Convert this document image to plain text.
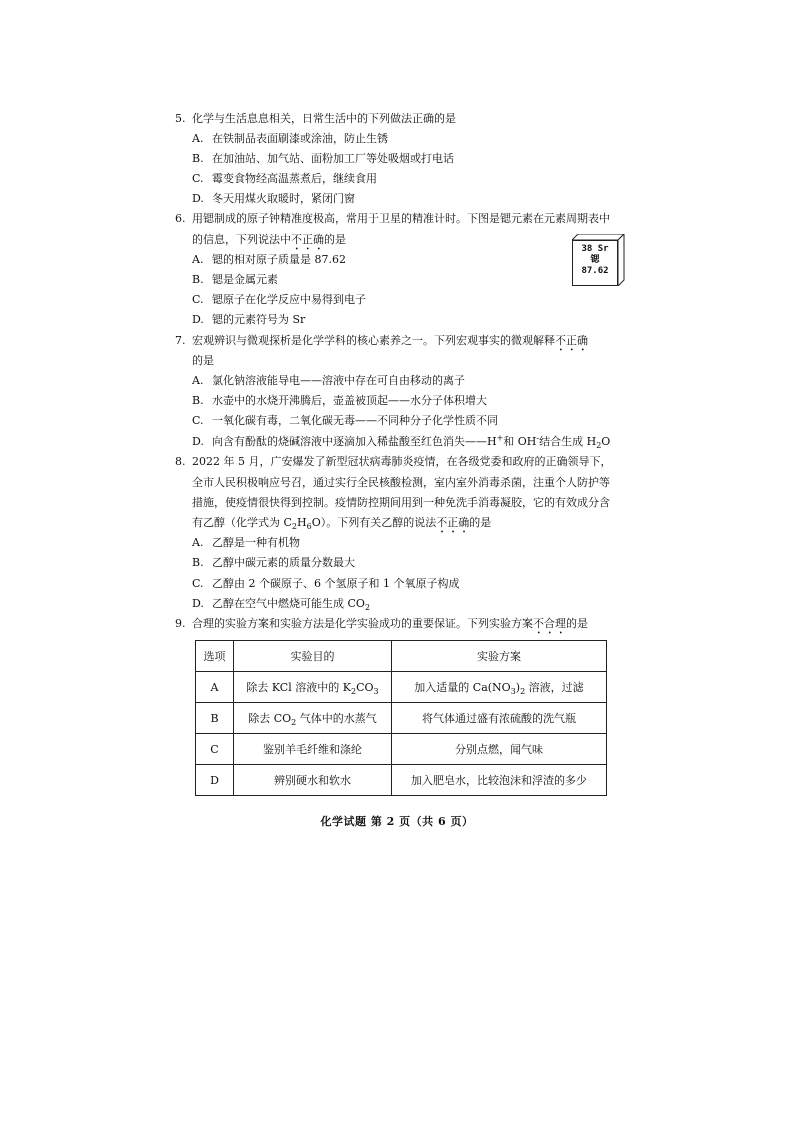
5. 化学与生活息息相关，日常生活中的下列做法正确的是
A. 在铁制品表面刷漆或涂油，防止生锈
B. 在加油站、加气站、面粉加工厂等处吸烟或打电话
C. 霉变食物经高温蒸煮后，继续食用
D. 冬天用煤火取暖时，紧闭门窗
6. 用锶制成的原子钟精准度极高，常用于卫星的精准计时。下图是锶元素在元素周期表中
的信息，下列说法中不正确的是
A. 锶的相对原子质量是 87.62
B. 锶是金属元素
C. 锶原子在化学反应中易得到电子
D. 锶的元素符号为 Sr
38 Sr
锶
87.62
7. 宏观辨识与微观探析是化学学科的核心素养之一。下列宏观事实的微观解释不正确
的是
A. 氯化钠溶液能导电——溶液中存在可自由移动的离子
B. 水壶中的水烧开沸腾后，壶盖被顶起——水分子体积增大
C. 一氧化碳有毒，二氧化碳无毒——不同种分子化学性质不同
D. 向含有酚酞的烧碱溶液中逐滴加入稀盐酸至红色消失——H+和 OH-结合生成 $H_2O$
8. 2022 年 5 月，广安爆发了新型冠状病毒肺炎疫情，在各级党委和政府的正确领导下，
全市人民积极响应号召，通过实行全民核酸检测，室内室外消毒杀菌，注重个人防护等
措施，使疫情很快得到控制。疫情防控期间用到一种免洗手消毒凝胶，它的有效成分含
有乙醇（化学式为 $C_2H_6O$）。下列有关乙醇的说法不正确的是
A. 乙醇是一种有机物
B. 乙醇中碳元素的质量分数最大
C. 乙醇由 2 个碳原子、6 个氢原子和 1 个氧原子构成
D. 乙醇在空气中燃烧可能生成 $CO_2$
9. 合理的实验方案和实验方法是化学实验成功的重要保证。下列实验方案不合理的是
选项	实验目的	实验方案
A	除去 KCl 溶液中的 $K_2CO_3$	加入适量的 $Ca(NO_3)_2$ 溶液，过滤
B	除去 $CO_2$ 气体中的水蒸气	将气体通过盛有浓硫酸的洗气瓶
C	鉴别羊毛纤维和涤纶	分别点燃，闻气味
D	辨别硬水和软水	加入肥皂水，比较泡沫和浮渣的多少
化学试题 第 2 页（共 6 页）
